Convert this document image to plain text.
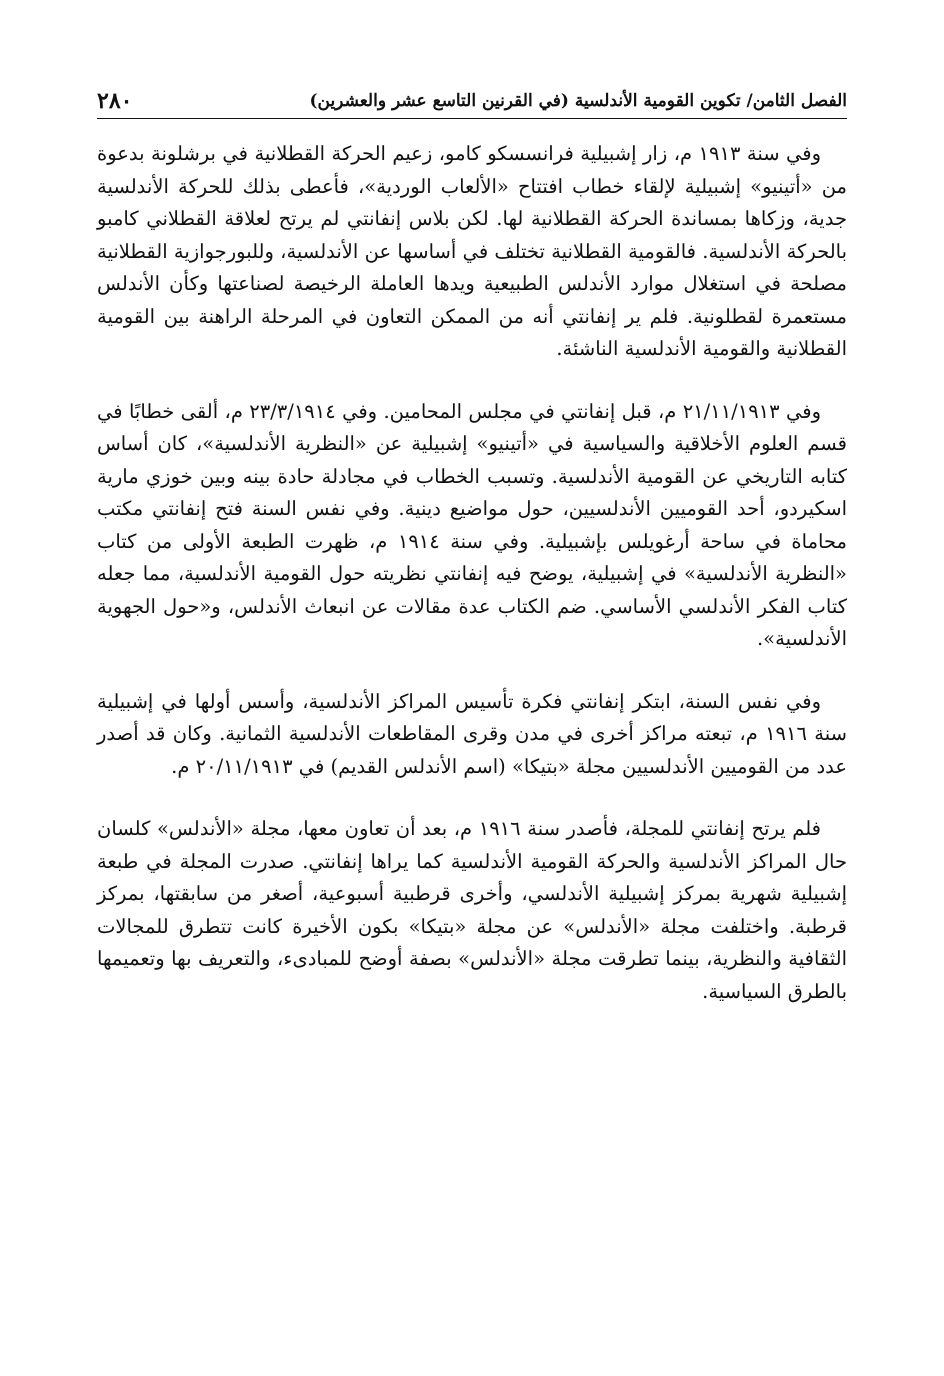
الفصل الثامن/ تكوين القومية الأندلسية (في القرنين التاسع عشر والعشرين)
٢٨٠

وفي سنة ١٩١٣ م، زار إشبيلية فرانسسكو كامو، زعيم الحركة القطلانية في برشلونة بدعوة من «أتينيو» إشبيلية لإلقاء خطاب افتتاح «الألعاب الوردية»، فأعطى بذلك للحركة الأندلسية جدية، وزكاها بمساندة الحركة القطلانية لها. لكن بلاس إنفانتي لم يرتح لعلاقة القطلاني كامبو بالحركة الأندلسية. فالقومية القطلانية تختلف في أساسها عن الأندلسية، وللبورجوازية القطلانية مصلحة في استغلال موارد الأندلس الطبيعية ويدها العاملة الرخيصة لصناعتها وكأن الأندلس مستعمرة لقطلونية. فلم ير إنفانتي أنه من الممكن التعاون في المرحلة الراهنة بين القومية القطلانية والقومية الأندلسية الناشئة.

وفي ٢١/١١/١٩١٣ م، قبل إنفانتي في مجلس المحامين. وفي ٢٣/٣/١٩١٤ م، ألقى خطابًا في قسم العلوم الأخلاقية والسياسية في «أتينيو» إشبيلية عن «النظرية الأندلسية»، كان أساس كتابه التاريخي عن القومية الأندلسية. وتسبب الخطاب في مجادلة حادة بينه وبين خوزي مارية اسكيردو، أحد القوميين الأندلسيين، حول مواضيع دينية. وفي نفس السنة فتح إنفانتي مكتب محاماة في ساحة أرغويلس بإشبيلية. وفي سنة ١٩١٤ م، ظهرت الطبعة الأولى من كتاب «النظرية الأندلسية» في إشبيلية، يوضح فيه إنفانتي نظريته حول القومية الأندلسية، مما جعله كتاب الفكر الأندلسي الأساسي. ضم الكتاب عدة مقالات عن انبعاث الأندلس، و«حول الجهوية الأندلسية».

وفي نفس السنة، ابتكر إنفانتي فكرة تأسيس المراكز الأندلسية، وأسس أولها في إشبيلية سنة ١٩١٦ م، تبعته مراكز أخرى في مدن وقرى المقاطعات الأندلسية الثمانية. وكان قد أصدر عدد من القوميين الأندلسيين مجلة «بتيكا» (اسم الأندلس القديم) في ٢٠/١١/١٩١٣ م.

فلم يرتح إنفانتي للمجلة، فأصدر سنة ١٩١٦ م، بعد أن تعاون معها، مجلة «الأندلس» كلسان حال المراكز الأندلسية والحركة القومية الأندلسية كما يراها إنفانتي. صدرت المجلة في طبعة إشبيلية شهرية بمركز إشبيلية الأندلسي، وأخرى قرطبية أسبوعية، أصغر من سابقتها، بمركز قرطبة. واختلفت مجلة «الأندلس» عن مجلة «بتيكا» بكون الأخيرة كانت تتطرق للمجالات الثقافية والنظرية، بينما تطرقت مجلة «الأندلس» بصفة أوضح للمبادىء، والتعريف بها وتعميمها بالطرق السياسية.
